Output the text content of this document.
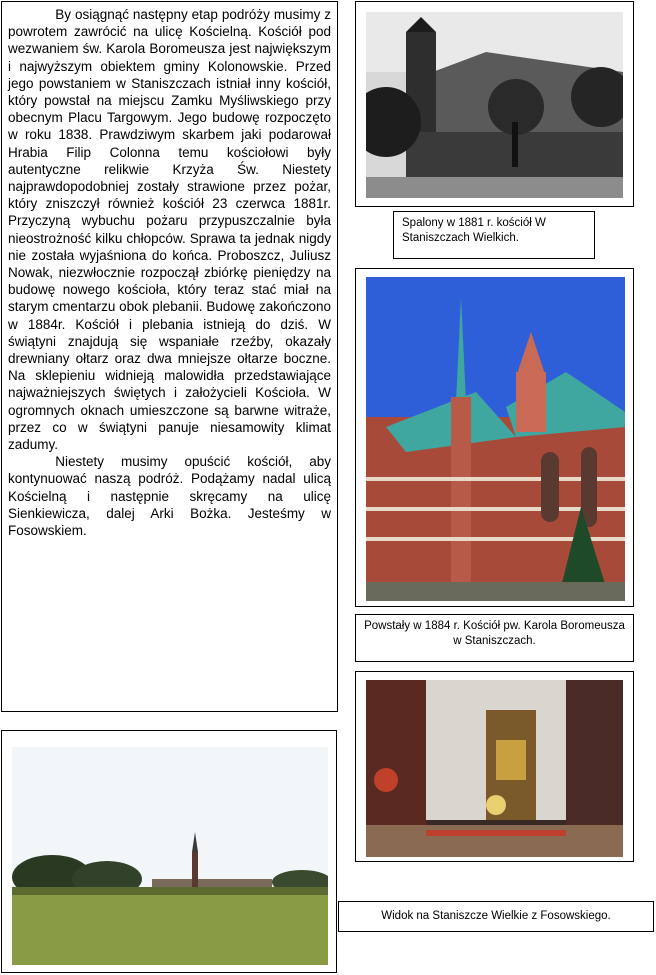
By osiągnąć następny etap podróży musimy z powrotem zawrócić na ulicę Kościelną. Kościół pod wezwaniem św. Karola Boromeusza jest największym i najwyższym obiektem gminy Kolonowskie. Przed jego powstaniem w Staniszczach istniał inny kościół, który powstał na miejscu Zamku Myśliwskiego przy obecnym Placu Targowym. Jego budowę rozpoczęto w roku 1838. Prawdziwym skarbem jaki podarował Hrabia Filip Colonna temu kościołowi były autentyczne relikwie Krzyża Św. Niestety najprawdopodobniej zostały strawione przez pożar, który zniszczył również kościół 23 czerwca 1881r. Przyczyną wybuchu pożaru przypuszczalnie była nieostrożność kilku chłopców. Sprawa ta jednak nigdy nie została wyjaśniona do końca. Proboszcz, Juliusz Nowak, niezwłocznie rozpoczął zbiórkę pieniędzy na budowę nowego kościoła, który teraz stać miał na starym cmentarzu obok plebanii. Budowę zakończono w 1884r. Kościół i plebania istnieją do dziś. W świątyni znajdują się wspaniałe rzeźby, okazały drewniany ołtarz oraz dwa mniejsze ołtarze boczne. Na sklepieniu widnieją malowidła przedstawiające najważniejszych świętych i założycieli Kościoła. W ogromnych oknach umieszczone są barwne witraże, przez co w świątyni panuje niesamowity klimat zadumy.

Niestety musimy opuścić kościół, aby kontynuować naszą podróż. Podążamy nadal ulicą Kościelną i następnie skręcamy na ulicę Sienkiewicza, dalej Arki Bożka. Jesteśmy w Fosowskiem.

Spalony w 1881 r. kościół W Staniszczach Wielkich.
Powstały w 1884 r. Kościół pw. Karola Boromeusza w Staniszczach.
Widok na Staniszcze Wielkie z Fosowskiego.
